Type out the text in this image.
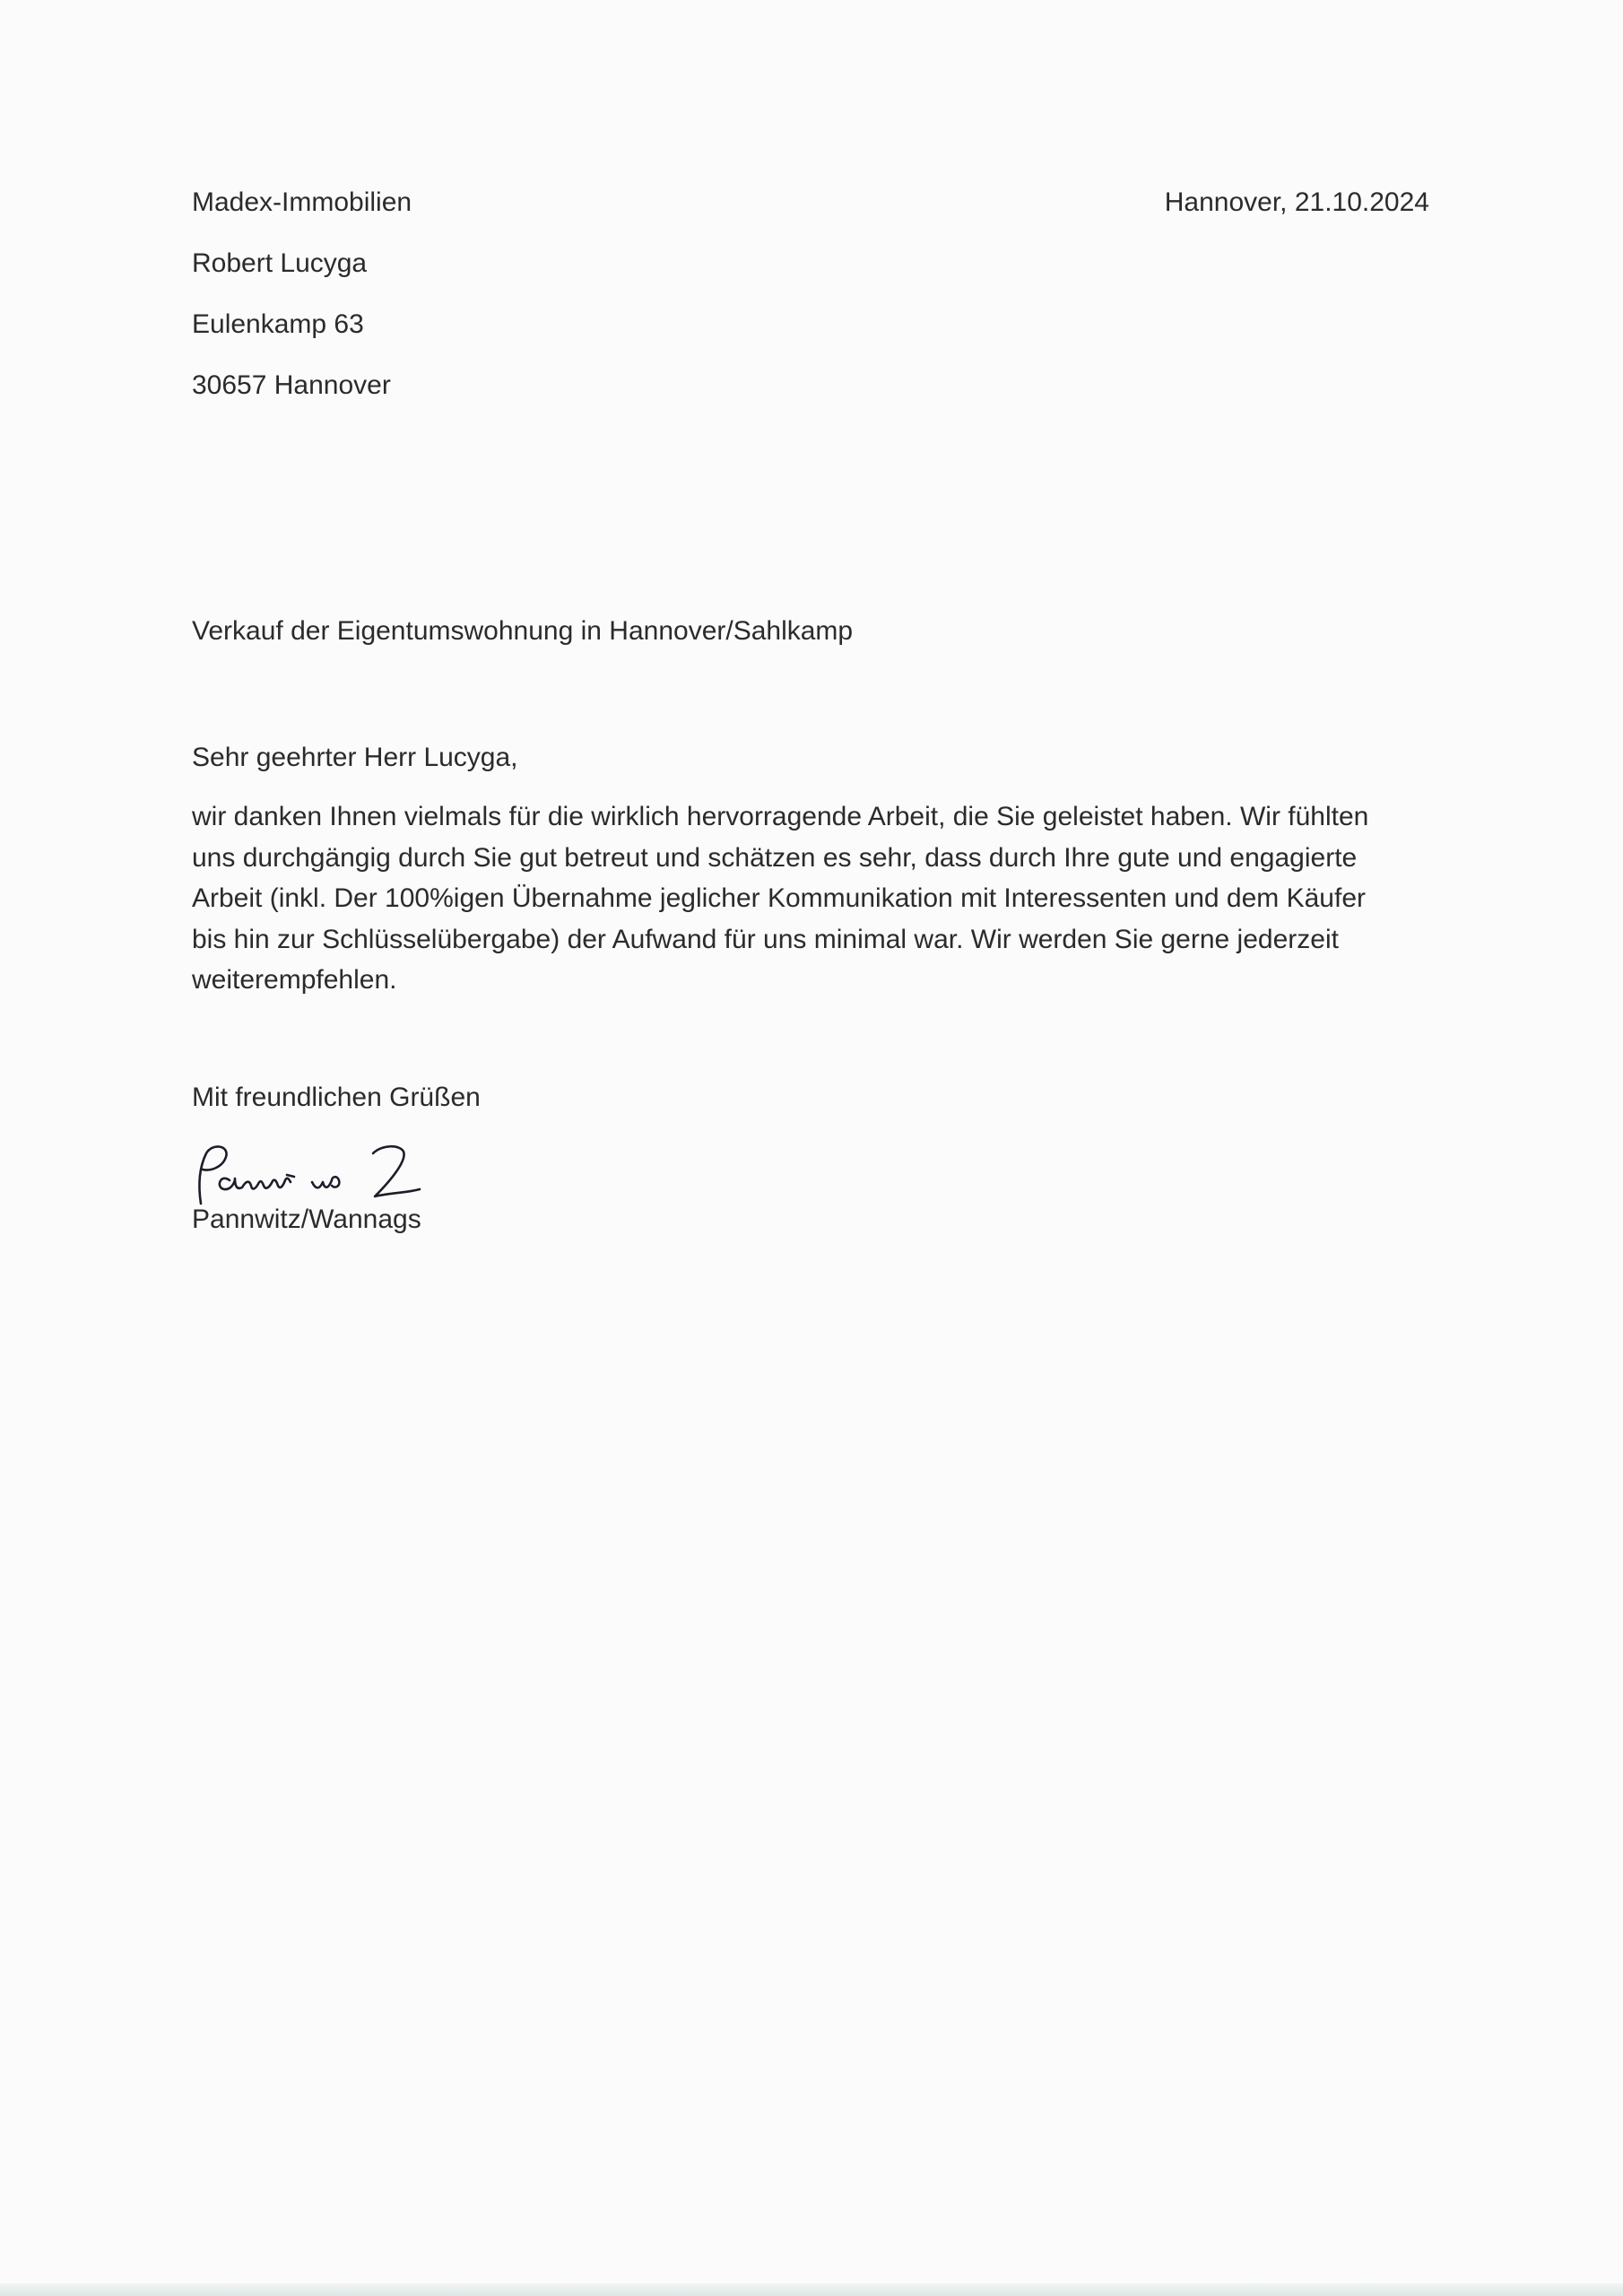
Madex-Immobilien
Robert Lucyga
Eulenkamp 63
30657 Hannover
Hannover, 21.10.2024
Verkauf der Eigentumswohnung in Hannover/Sahlkamp
Sehr geehrter Herr Lucyga,
wir danken Ihnen vielmals für die wirklich hervorragende Arbeit, die Sie geleistet haben. Wir fühlten
uns durchgängig durch Sie gut betreut und schätzen es sehr, dass durch Ihre gute und engagierte
Arbeit (inkl. Der 100%igen Übernahme jeglicher Kommunikation mit Interessenten und dem Käufer
bis hin zur Schlüsselübergabe) der Aufwand für uns minimal war. Wir werden Sie gerne jederzeit
weiterempfehlen.
Mit freundlichen Grüßen
Pannwitz/Wannags
